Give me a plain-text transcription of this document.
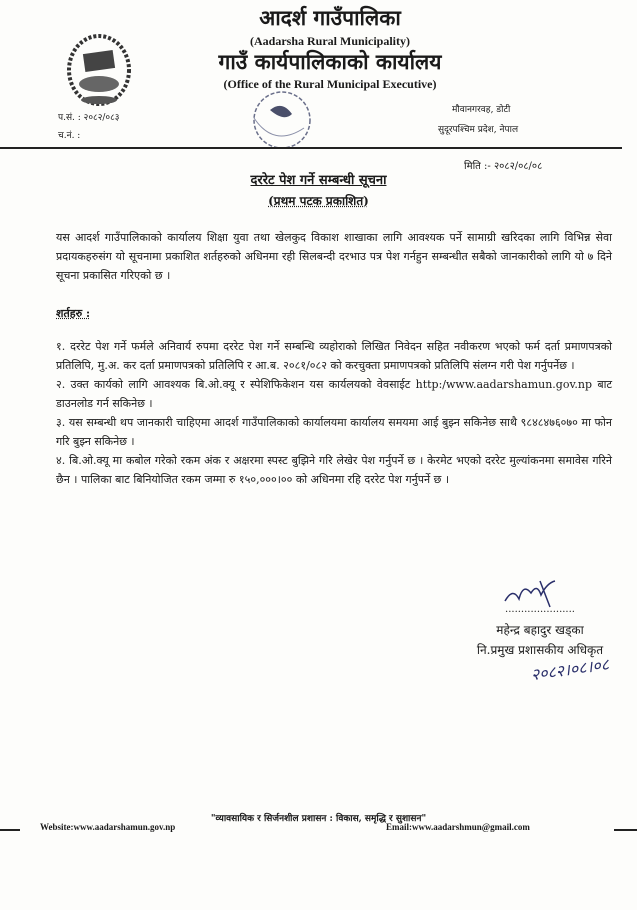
आदर्श गाउँपालिका
(Aadarsha Rural Municipality)
गाउँ कार्यपालिकाको कार्यालय
(Office of the Rural Municipal Executive)
प.सं. : २०८२/०८३
च.नं. :
मौवानगरवह, डोटी
सुदूरपश्चिम प्रदेश, नेपाल
मिति :- २०८२/०८/०८
दररेट पेश गर्ने सम्बन्धी सूचना
(प्रथम पटक प्रकाशित)
यस आदर्श गाउँपालिकाको कार्यालय शिक्षा युवा तथा खेलकुद विकाश शाखाका लागि आवश्यक पर्ने सामाग्री खरिदका लागि विभिन्न सेवा प्रदायकहरुसंग यो सूचनामा प्रकाशित शर्तहरुको अधिनमा रही सिलबन्दी दरभाउ पत्र पेश गर्नहुन सम्बन्धीत सबैको जानकारीको लागि यो ७ दिने सूचना प्रकासित गरिएको छ ।
शर्तहरु :

१. दररेट पेश गर्ने फर्मले अनिवार्य रुपमा दररेट पेश गर्ने सम्बन्धि व्यहोराको लिखित निवेदन सहित नवीकरण भएको फर्म दर्ता प्रमाणपत्रको प्रतिलिपि, मु.अ. कर दर्ता प्रमाणपत्रको प्रतिलिपि र आ.ब. २०८१/०८२ को करचुक्ता प्रमाणपत्रको प्रतिलिपि संलग्न गरी पेश गर्नुपर्नेछ ।

२. उक्त कार्यको लागि आवश्यक बि.ओ.क्यू र स्पेशिफिकेशन यस कार्यलयको वेवसाईट http:/www.aadarshamun.gov.np बाट डाउनलोड गर्न सकिनेछ ।

३. यस सम्बन्धी थप जानकारी चाहिएमा आदर्श गाउँपालिकाको कार्यालयमा कार्यालय समयमा आई बुझ्न सकिनेछ साथै ९८४८४७६०७० मा फोन गरि बुझ्न सकिनेछ ।

४. बि.ओ.क्यू मा कबोल गरेको रकम अंक र अक्षरमा स्पस्ट बुझिने गरि लेखेर पेश गर्नुपर्ने छ । केरमेट भएको दररेट मुल्यांकनमा समावेस गरिने छैन । पालिका बाट बिनियोजित रकम जम्मा रु १५०,०००।०० को अधिनमा रहि दररेट पेश गर्नुपर्ने छ ।

......................
महेन्द्र बहादुर खड्का
नि.प्रमुख प्रशासकीय अधिकृत
२०८२।०८।०८
"व्यावसायिक र सिर्जनशील प्रशासन : विकास, समृद्धि र सुशासन"
Website:www.aadarshamun.gov.np	Email:www.aadarshmun@gmail.com
